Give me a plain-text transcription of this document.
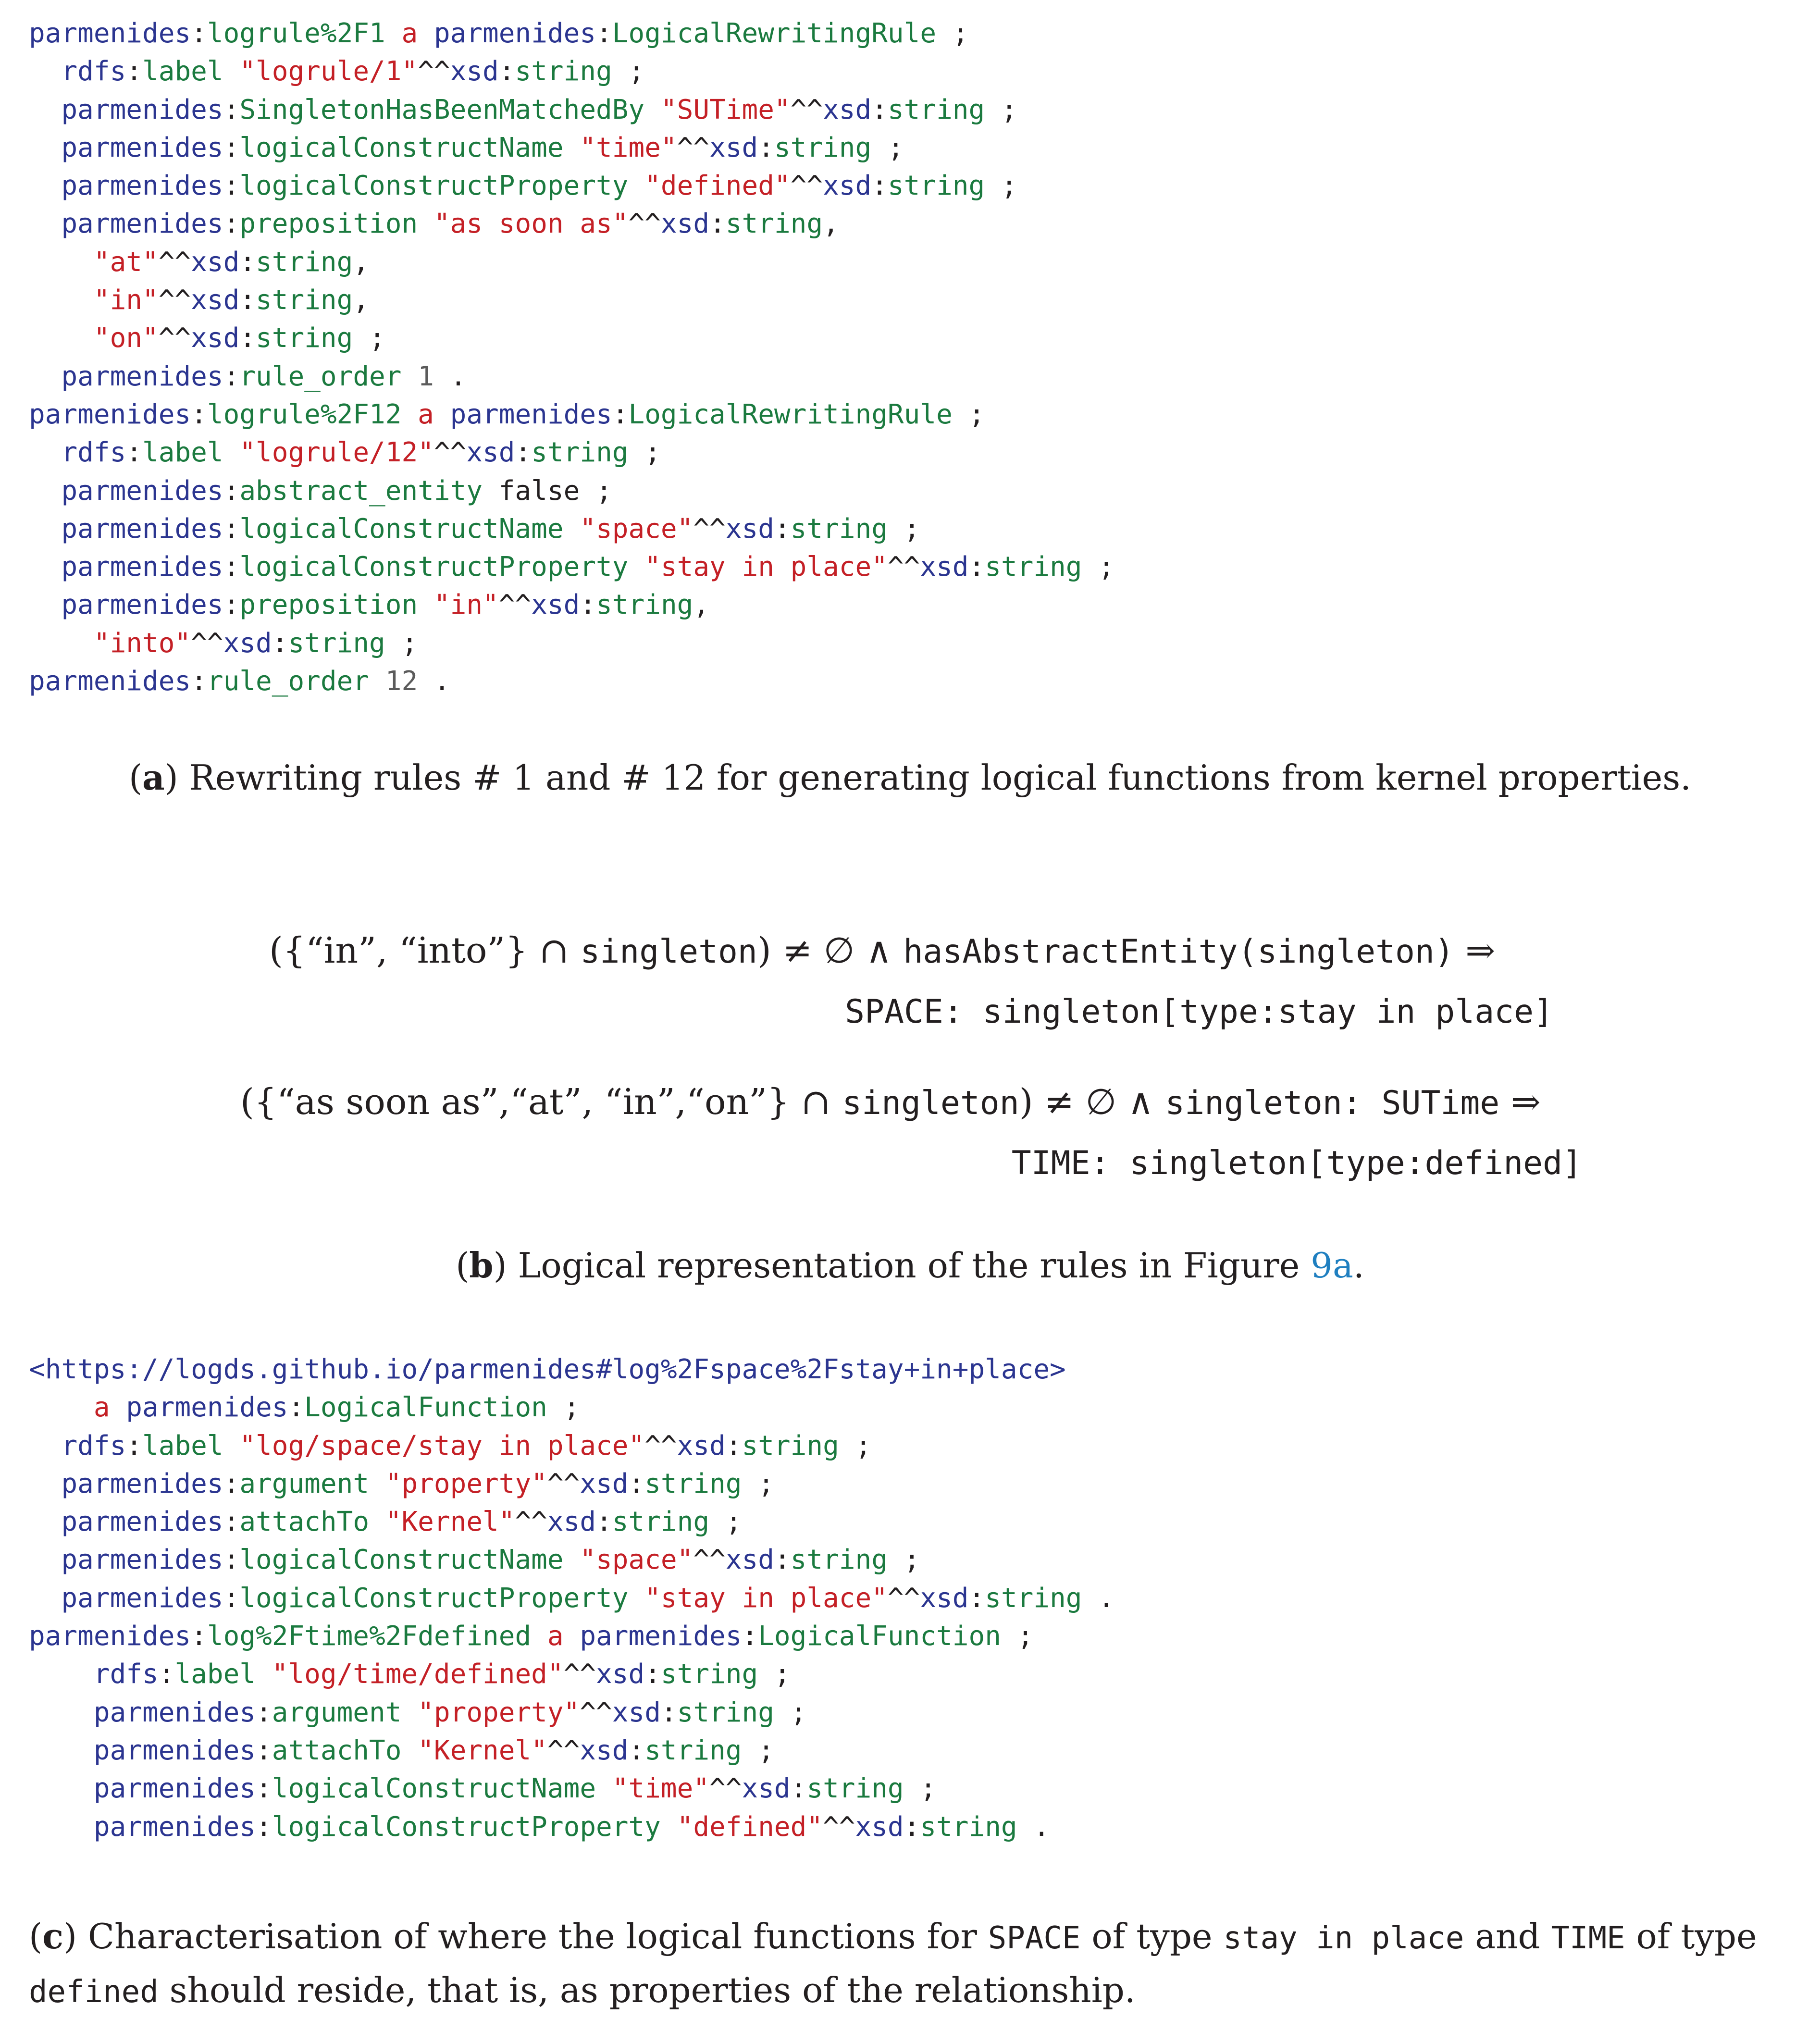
parmenides:logrule%2F1 a parmenides:LogicalRewritingRule ;
rdfs:label "logrule/1"^^xsd:string ;
parmenides:SingletonHasBeenMatchedBy "SUTime"^^xsd:string ;
parmenides:logicalConstructName "time"^^xsd:string ;
parmenides:logicalConstructProperty "defined"^^xsd:string ;
parmenides:preposition "as soon as"^^xsd:string,
"at"^^xsd:string,
"in"^^xsd:string,
"on"^^xsd:string ;
parmenides:rule_order 1 .
parmenides:logrule%2F12 a parmenides:LogicalRewritingRule ;
rdfs:label "logrule/12"^^xsd:string ;
parmenides:abstract_entity false ;
parmenides:logicalConstructName "space"^^xsd:string ;
parmenides:logicalConstructProperty "stay in place"^^xsd:string ;
parmenides:preposition "in"^^xsd:string,
"into"^^xsd:string ;
parmenides:rule_order 12 .
(a) Rewriting rules # 1 and # 12 for generating logical functions from kernel properties.
({“in”, “into”} ∩ singleton) ≠ ∅ ∧ hasAbstractEntity(singleton) ⇒
SPACE: singleton[type:stay in place]
({“as soon as”,“at”, “in”,“on”} ∩ singleton) ≠ ∅ ∧ singleton: SUTime ⇒
TIME: singleton[type:defined]
(b) Logical representation of the rules in Figure 9a.
<https://logds.github.io/parmenides#log%2Fspace%2Fstay+in+place>
a parmenides:LogicalFunction ;
rdfs:label "log/space/stay in place"^^xsd:string ;
parmenides:argument "property"^^xsd:string ;
parmenides:attachTo "Kernel"^^xsd:string ;
parmenides:logicalConstructName "space"^^xsd:string ;
parmenides:logicalConstructProperty "stay in place"^^xsd:string .
parmenides:log%2Ftime%2Fdefined a parmenides:LogicalFunction ;
rdfs:label "log/time/defined"^^xsd:string ;
parmenides:argument "property"^^xsd:string ;
parmenides:attachTo "Kernel"^^xsd:string ;
parmenides:logicalConstructName "time"^^xsd:string ;
parmenides:logicalConstructProperty "defined"^^xsd:string .
(c) Characterisation of where the logical functions for SPACE of type stay in place and TIME of type defined should reside, that is, as properties of the relationship.
